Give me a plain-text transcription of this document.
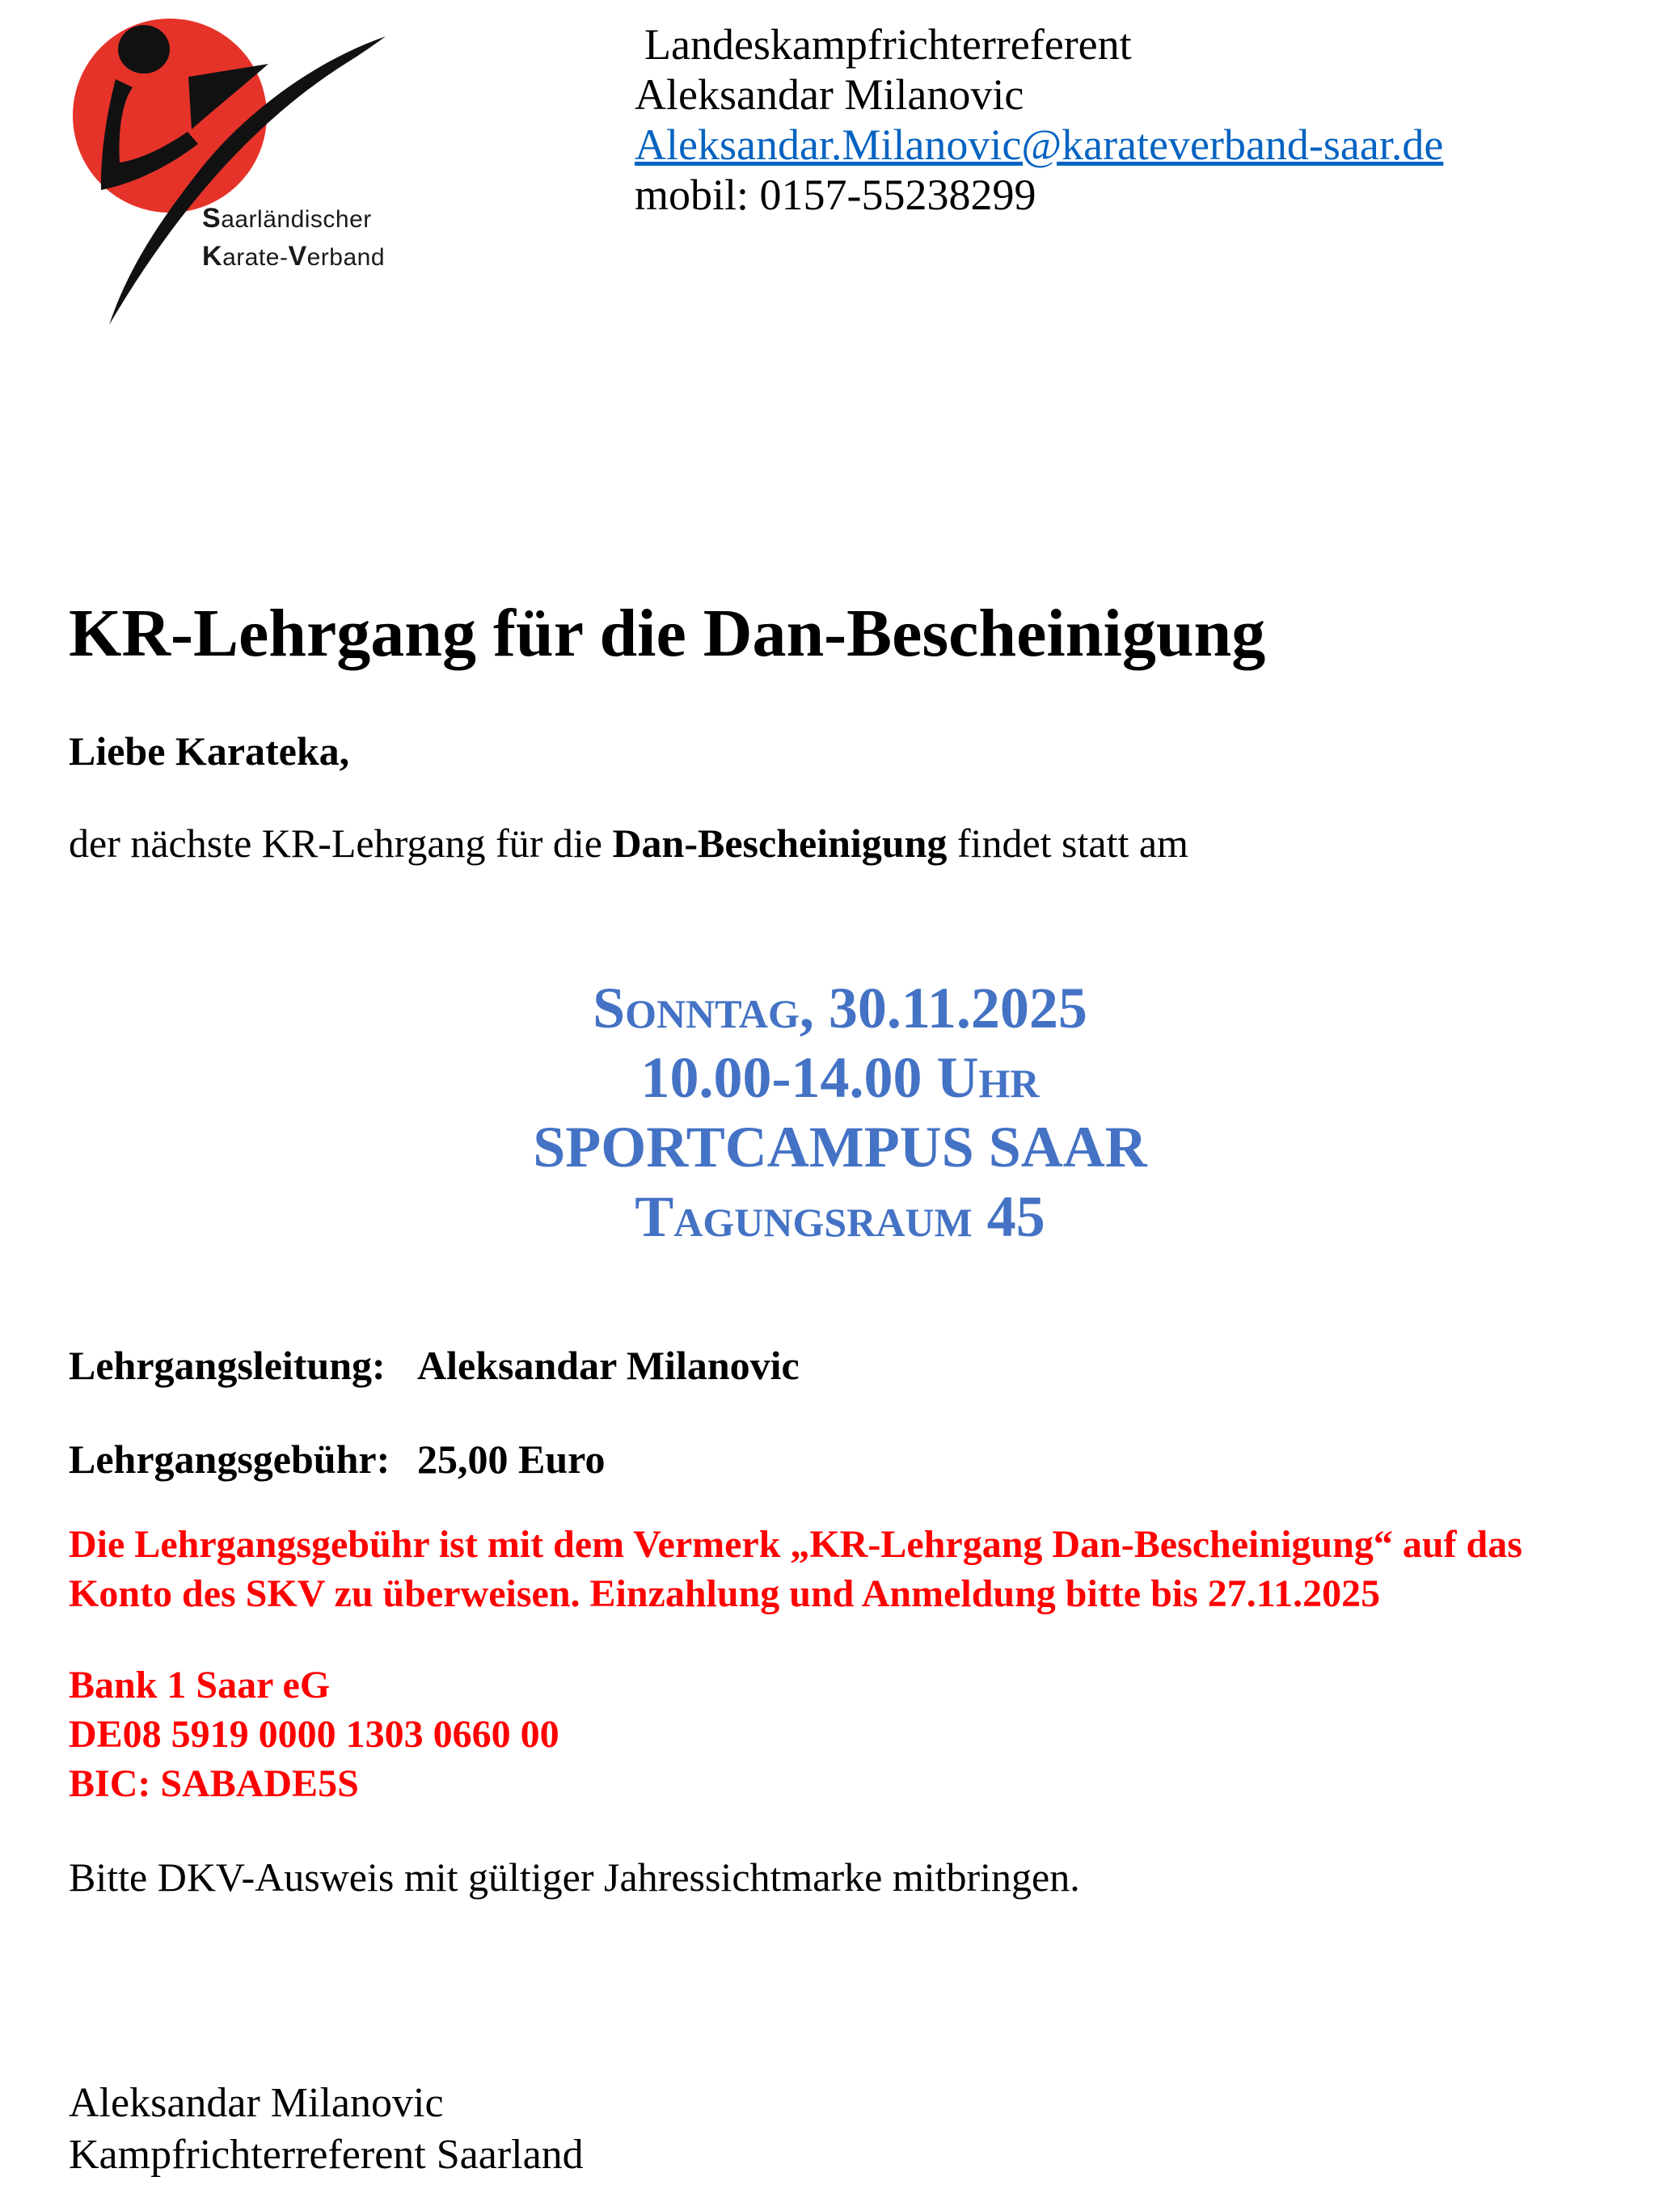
Saarländischer
Karate-Verband
Landeskampfrichterreferent
Aleksandar Milanovic
Aleksandar.Milanovic@karateverband-saar.de
mobil: 0157-55238299
KR-Lehrgang für die Dan-Bescheinigung
Liebe Karateka,
der nächste KR-Lehrgang für die Dan-Bescheinigung findet statt am
Sonntag, 30.11.2025
10.00-14.00 Uhr
SPORTCAMPUS SAAR
Tagungsraum 45
Lehrgangsleitung: Aleksandar Milanovic
Lehrgangsgebühr: 25,00 Euro
Die Lehrgangsgebühr ist mit dem Vermerk „KR-Lehrgang Dan-Bescheinigung“ auf das
Konto des SKV zu überweisen. Einzahlung und Anmeldung bitte bis 27.11.2025
Bank 1 Saar eG
DE08 5919 0000 1303 0660 00
BIC: SABADE5S
Bitte DKV-Ausweis mit gültiger Jahressichtmarke mitbringen.
Aleksandar Milanovic
Kampfrichterreferent Saarland
